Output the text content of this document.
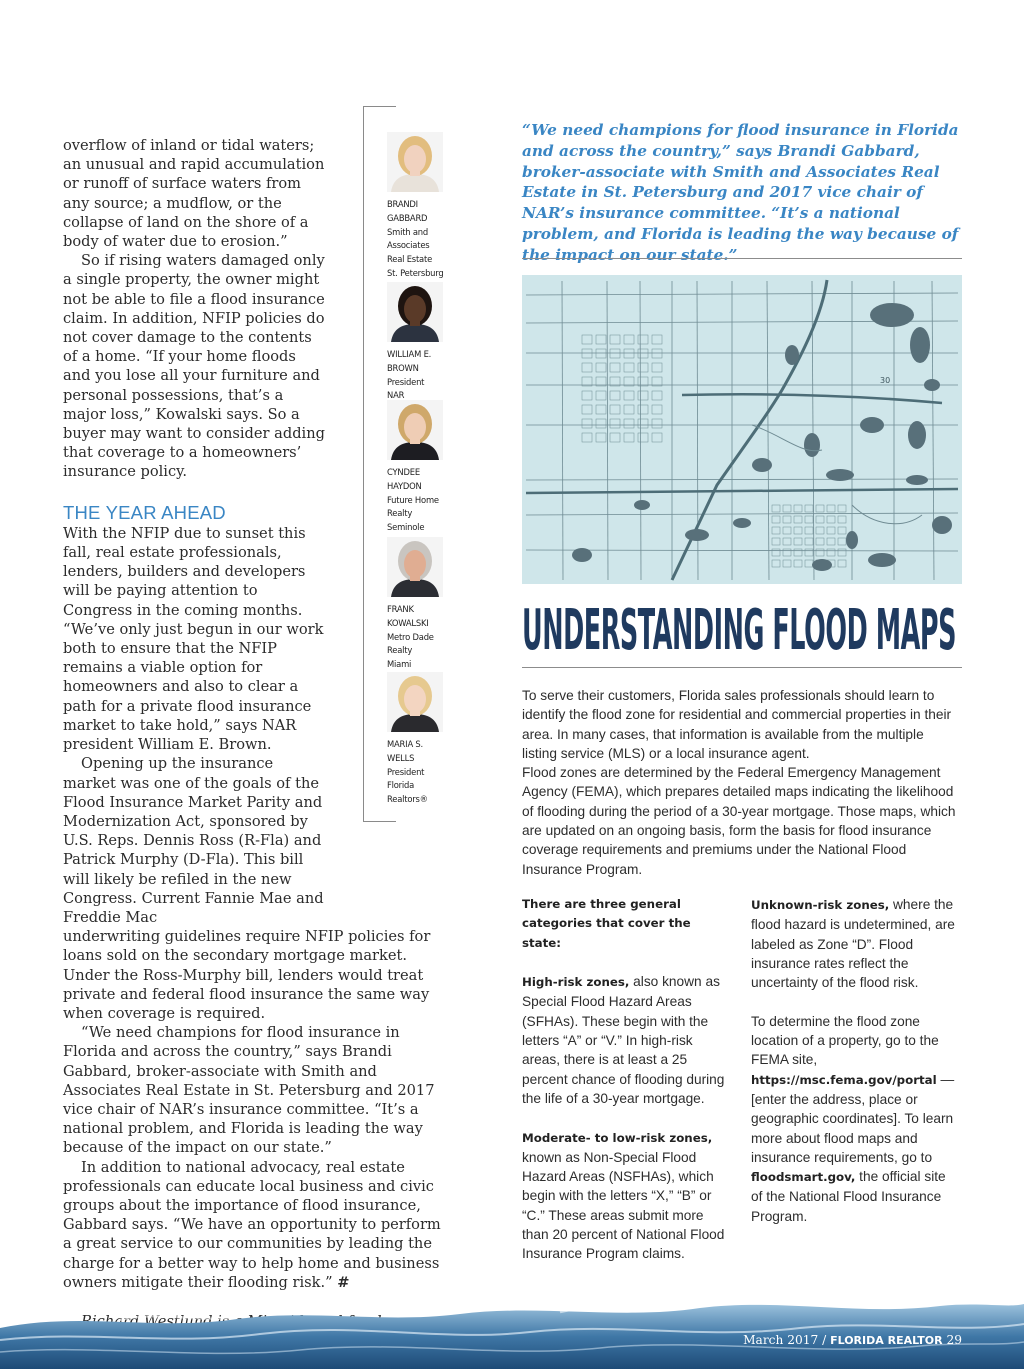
overflow of inland or tidal waters; an unusual and rapid accumulation or runoff of surface waters from any source; a mudflow, or the collapse of land on the shore of a body of water due to erosion.”

So if rising waters damaged only a single property, the owner might not be able to file a flood insurance claim. In addition, NFIP policies do not cover damage to the contents of a home. “If your home floods and you lose all your furniture and personal possessions, that’s a major loss,” Kowalski says. So a buyer may want to consider adding that coverage to a homeowners’ insurance policy.

THE YEAR AHEAD

With the NFIP due to sunset this fall, real estate professionals, lenders, builders and developers will be paying attention to Congress in the coming months. “We’ve only just begun in our work both to ensure that the NFIP remains a viable option for homeowners and also to clear a path for a private flood insurance market to take hold,” says NAR president William E. Brown.

Opening up the insurance market was one of the goals of the Flood Insurance Market Parity and Modernization Act, sponsored by U.S. Reps. Dennis Ross (R-Fla) and Patrick Murphy (D-Fla). This bill will likely be refiled in the new Congress. Current Fannie Mae and Freddie Mac

underwriting guidelines require NFIP policies for loans sold on the secondary mortgage market. Under the Ross-Murphy bill, lenders would treat private and federal flood insurance the same way when coverage is required.

“We need champions for flood insurance in Florida and across the country,” says Brandi Gabbard, broker-associate with Smith and Associates Real Estate in St. Petersburg and 2017 vice chair of NAR’s insurance committee. “It’s a national problem, and Florida is leading the way because of the impact on our state.”

In addition to national advocacy, real estate professionals can educate local business and civic groups about the importance of flood insurance, Gabbard says. “We have an opportunity to perform a great service to our communities by leading the charge for a better way to help home and business owners mitigate their flooding risk.” #

BRANDI
GABBARD
Smith and
Associates
Real Estate
St. Petersburg
WILLIAM E.
BROWN
President
NAR
CYNDEE
HAYDON
Future Home
Realty
Seminole
FRANK
KOWALSKI
Metro Dade
Realty
Miami
MARIA S.
WELLS
President
Florida
Realtors®

“We need champions for flood insurance in Florida and across the country,” says Brandi Gabbard, broker-associate with Smith and Associates Real Estate in St. Petersburg and 2017 vice chair of NAR’s insurance committee. “It’s a national problem, and Florida is leading the way because of the impact on our state.”

30
UNDERSTANDING FLOOD MAPS

To serve their customers, Florida sales professionals should learn to identify the flood zone for residential and commercial properties in their area. In many cases, that information is available from the multiple listing service (MLS) or a local insurance agent.

Flood zones are determined by the Federal Emergency Management Agency (FEMA), which prepares detailed maps indicating the likelihood of flooding during the period of a 30-year mortgage. Those maps, which are updated on an ongoing basis, form the basis for flood insurance coverage requirements and premiums under the National Flood Insurance Program.

There are three general categories that cover the state:

High-risk zones, also known as Special Flood Hazard Areas (SFHAs). These begin with the letters “A” or “V.” In high-risk areas, there is at least a 25 percent chance of flooding during the life of a 30-year mortgage.

Moderate- to low-risk zones, known as Non-Special Flood Hazard Areas (NSFHAs), which begin with the letters “X,” “B” or “C.” These areas submit more than 20 percent of National Flood Insurance Program claims.

Unknown-risk zones, where the flood hazard is undetermined, are labeled as Zone “D”. Flood insurance rates reflect the uncertainty of the flood risk.

To determine the flood zone location of a property, go to the FEMA site, https://msc.fema.gov/portal — [enter the address, place or geographic coordinates]. To learn more about flood maps and insurance requirements, go to floodsmart.gov, the official site of the National Flood Insurance Program.

March 2017 / FLORIDA REALTOR 29
